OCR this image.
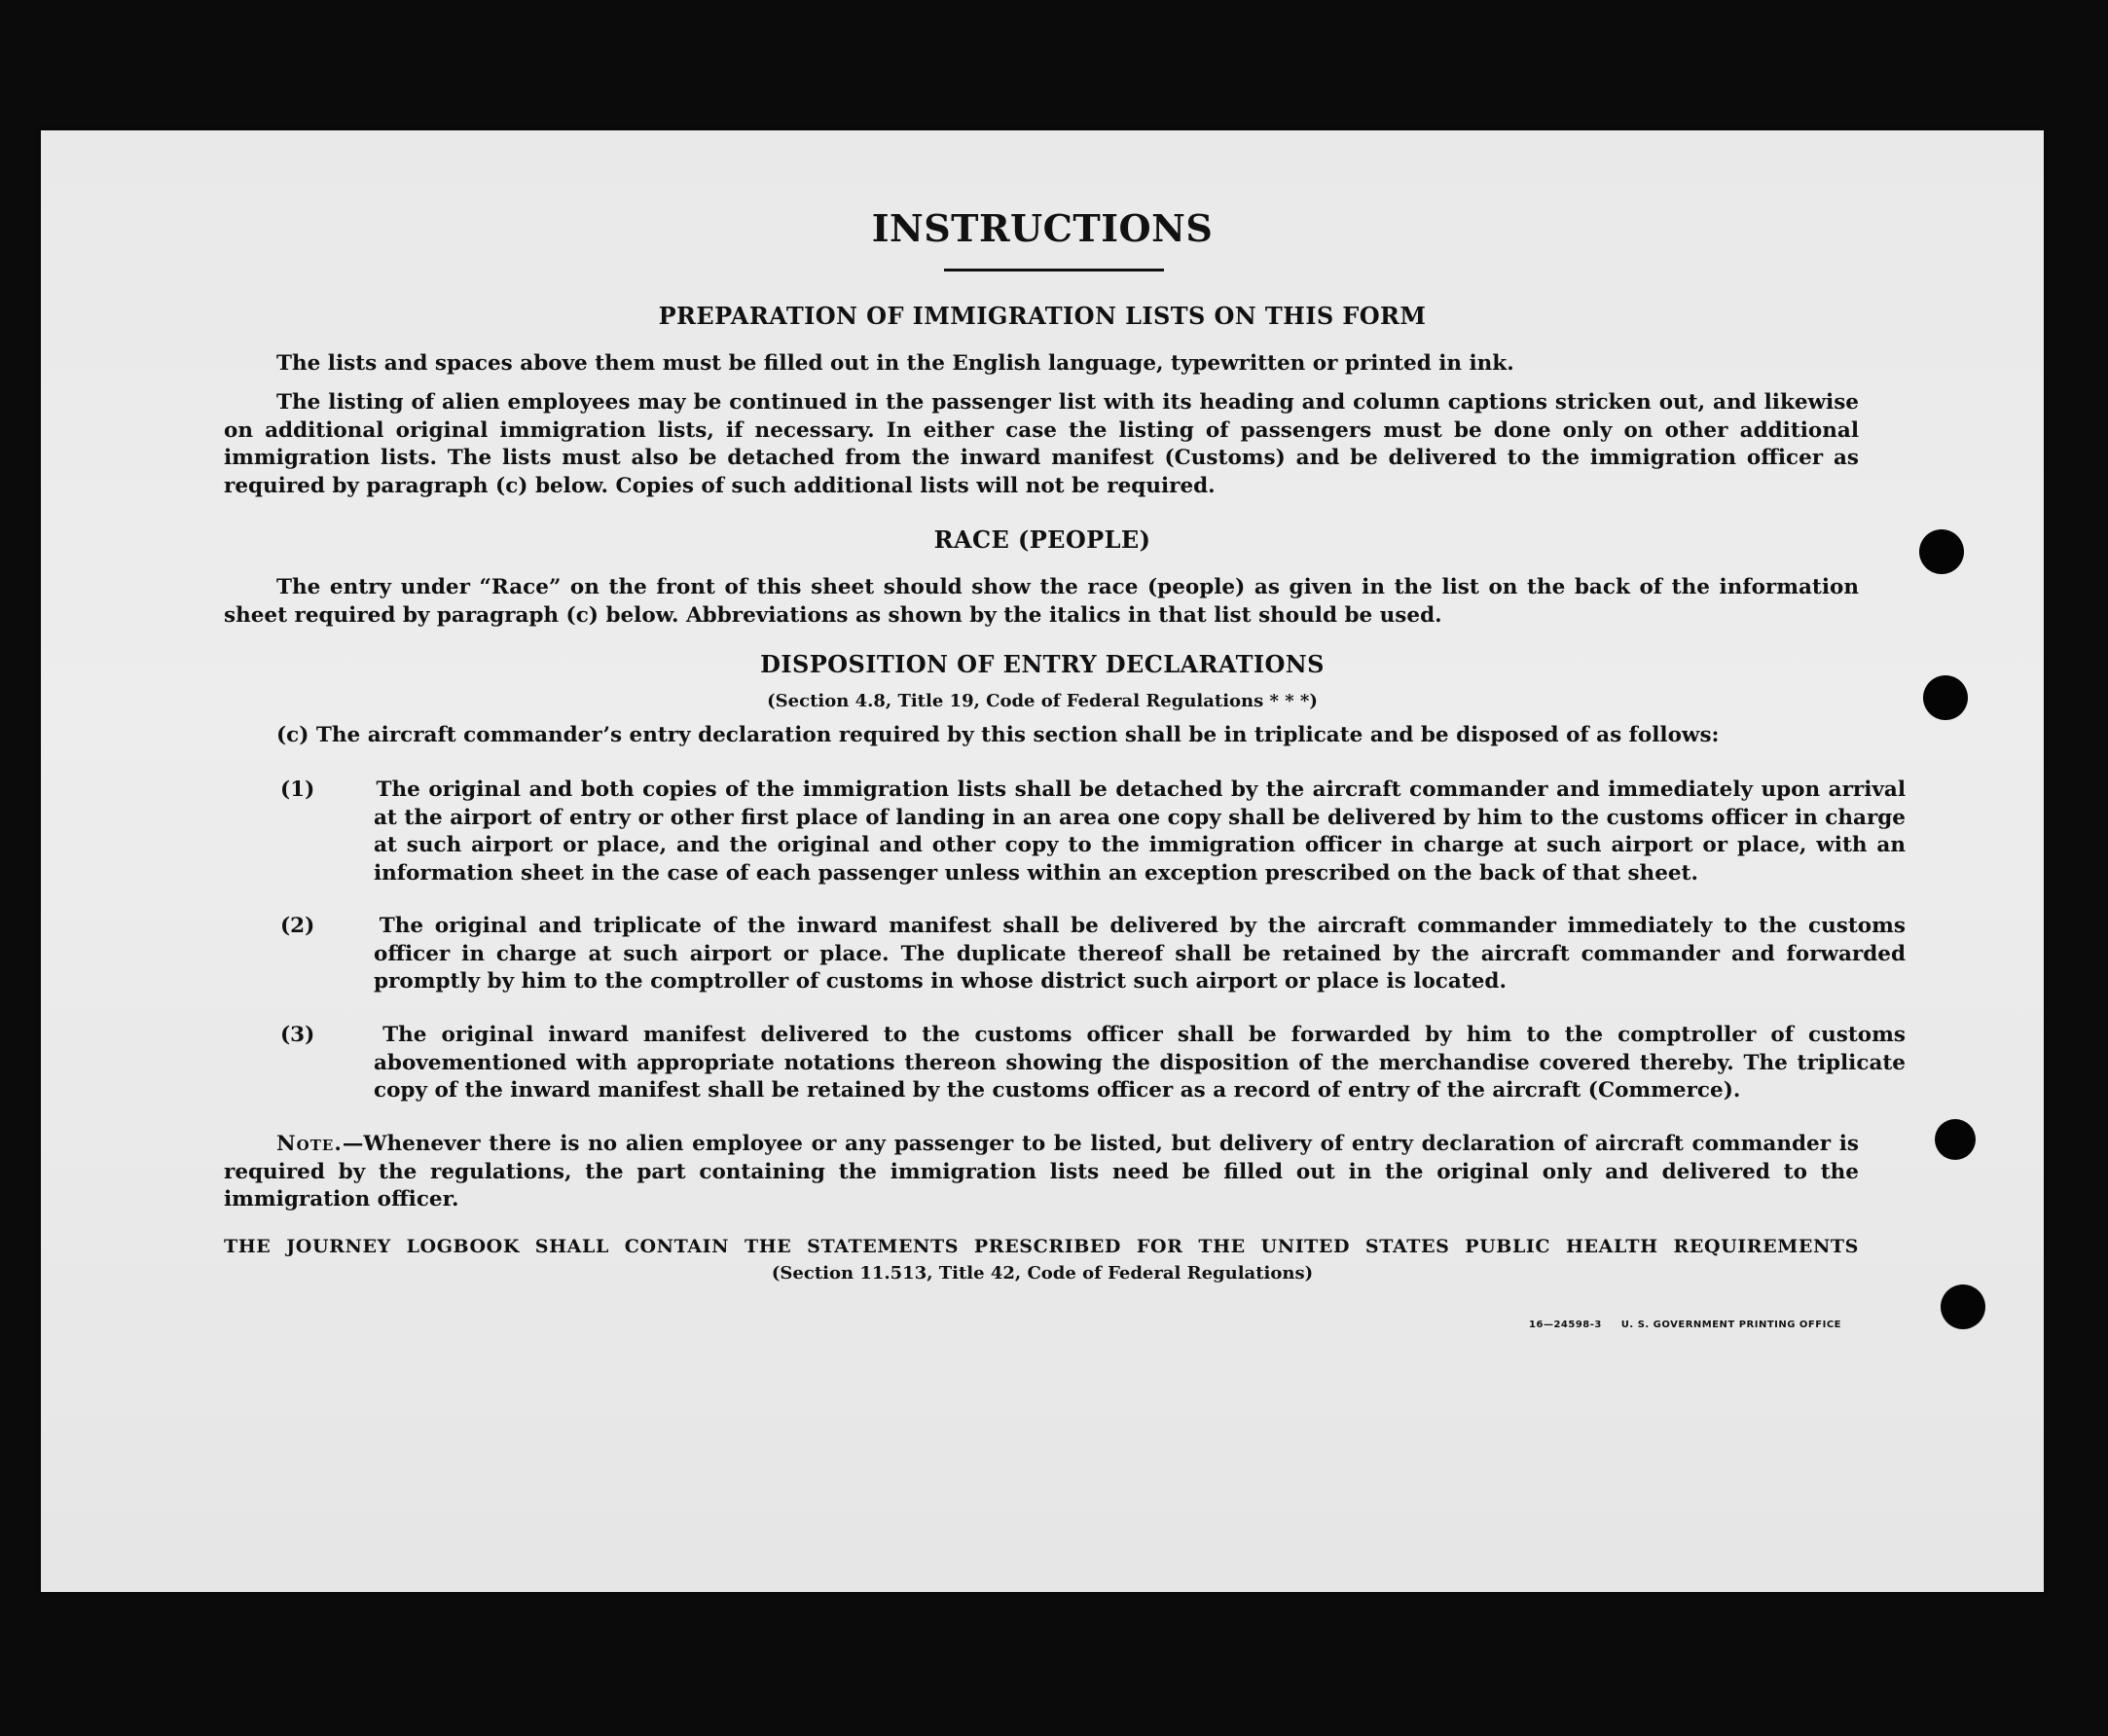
INSTRUCTIONS
PREPARATION OF IMMIGRATION LISTS ON THIS FORM
The lists and spaces above them must be filled out in the English language, typewritten or printed in ink.
The listing of alien employees may be continued in the passenger list with its heading and column captions stricken out, and likewise on additional original immigration lists, if necessary. In either case the listing of passengers must be done only on other additional immigration lists. The lists must also be detached from the inward manifest (Customs) and be delivered to the immigration officer as required by paragraph (c) below. Copies of such additional lists will not be required.
RACE (PEOPLE)
The entry under “Race” on the front of this sheet should show the race (people) as given in the list on the back of the information sheet required by paragraph (c) below. Abbreviations as shown by the italics in that list should be used.
DISPOSITION OF ENTRY DECLARATIONS
(Section 4.8, Title 19, Code of Federal Regulations * * *)
(c) The aircraft commander’s entry declaration required by this section shall be in triplicate and be disposed of as follows:
(1)	The original and both copies of the immigration lists shall be detached by the aircraft commander and immediately upon arrival at the airport of entry or other first place of landing in an area one copy shall be delivered by him to the customs officer in charge at such airport or place, and the original and other copy to the immigration officer in charge at such airport or place, with an information sheet in the case of each passenger unless within an exception prescribed on the back of that sheet.
(2)	The original and triplicate of the inward manifest shall be delivered by the aircraft commander immediately to the customs officer in charge at such airport or place. The duplicate thereof shall be retained by the aircraft commander and forwarded promptly by him to the comptroller of customs in whose district such airport or place is located.
(3)	The original inward manifest delivered to the customs officer shall be forwarded by him to the comptroller of customs abovementioned with appropriate notations thereon showing the disposition of the merchandise covered thereby. The triplicate copy of the inward manifest shall be retained by the customs officer as a record of entry of the aircraft (Commerce).
Note.—Whenever there is no alien employee or any passenger to be listed, but delivery of entry declaration of aircraft commander is required by the regulations, the part containing the immigration lists need be filled out in the original only and delivered to the immigration officer.
THE JOURNEY LOGBOOK SHALL CONTAIN THE STATEMENTS PRESCRIBED FOR THE UNITED STATES PUBLIC HEALTH REQUIREMENTS
(Section 11.513, Title 42, Code of Federal Regulations)
16—24598-3 U. S. GOVERNMENT PRINTING OFFICE
